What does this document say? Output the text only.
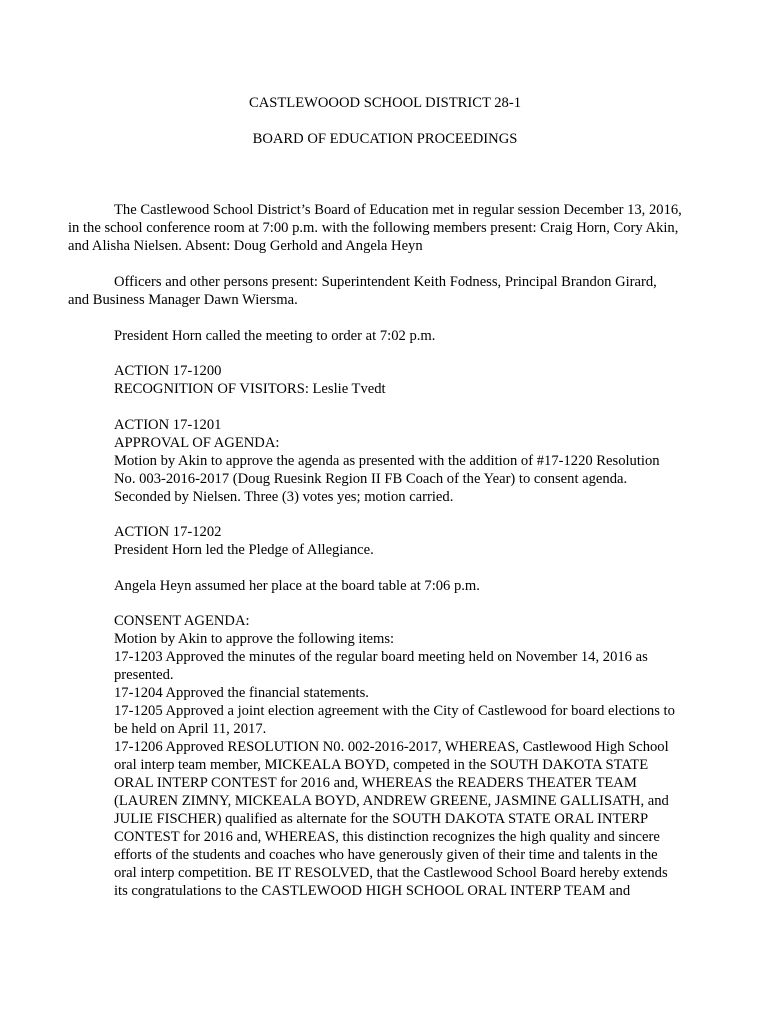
CASTLEWOOOD SCHOOL DISTRICT 28-1
BOARD OF EDUCATION PROCEEDINGS
The Castlewood School District’s Board of Education met in regular session December 13, 2016,
in the school conference room at 7:00 p.m. with the following members present: Craig Horn, Cory Akin,
and Alisha Nielsen. Absent: Doug Gerhold and Angela Heyn
Officers and other persons present: Superintendent Keith Fodness, Principal Brandon Girard,
and Business Manager Dawn Wiersma.
President Horn called the meeting to order at 7:02 p.m.
ACTION 17-1200
RECOGNITION OF VISITORS: Leslie Tvedt
ACTION 17-1201
APPROVAL OF AGENDA:
Motion by Akin to approve the agenda as presented with the addition of #17-1220 Resolution
No. 003-2016-2017 (Doug Ruesink Region II FB Coach of the Year) to consent agenda.
Seconded by Nielsen. Three (3) votes yes; motion carried.
ACTION 17-1202
President Horn led the Pledge of Allegiance.
Angela Heyn assumed her place at the board table at 7:06 p.m.
CONSENT AGENDA:
Motion by Akin to approve the following items:
17-1203 Approved the minutes of the regular board meeting held on November 14, 2016 as
presented.
17-1204 Approved the financial statements.
17-1205 Approved a joint election agreement with the City of Castlewood for board elections to
be held on April 11, 2017.
17-1206 Approved RESOLUTION N0. 002-2016-2017, WHEREAS, Castlewood High School
oral interp team member, MICKEALA BOYD, competed in the SOUTH DAKOTA STATE
ORAL INTERP CONTEST for 2016 and, WHEREAS the READERS THEATER TEAM
(LAUREN ZIMNY, MICKEALA BOYD, ANDREW GREENE, JASMINE GALLISATH, and
JULIE FISCHER) qualified as alternate for the SOUTH DAKOTA STATE ORAL INTERP
CONTEST for 2016 and, WHEREAS, this distinction recognizes the high quality and sincere
efforts of the students and coaches who have generously given of their time and talents in the
oral interp competition. BE IT RESOLVED, that the Castlewood School Board hereby extends
its congratulations to the CASTLEWOOD HIGH SCHOOL ORAL INTERP TEAM and
